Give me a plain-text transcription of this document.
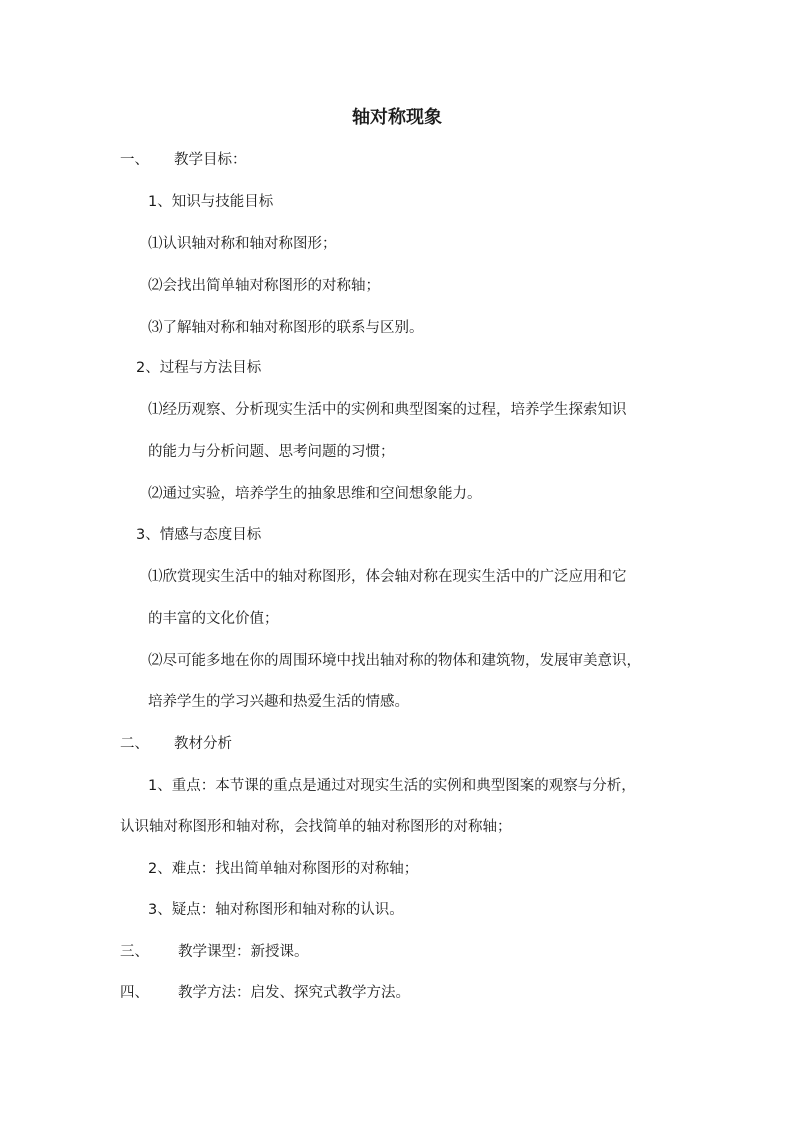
轴对称现象
一、	教学目标：
1、知识与技能目标
⑴认识轴对称和轴对称图形；
⑵会找出简单轴对称图形的对称轴；
⑶了解轴对称和轴对称图形的联系与区别。
2、过程与方法目标
⑴经历观察、分析现实生活中的实例和典型图案的过程，培养学生探索知识
的能力与分析问题、思考问题的习惯；
⑵通过实验，培养学生的抽象思维和空间想象能力。
3、情感与态度目标
⑴欣赏现实生活中的轴对称图形，体会轴对称在现实生活中的广泛应用和它
的丰富的文化价值；
⑵尽可能多地在你的周围环境中找出轴对称的物体和建筑物，发展审美意识，
培养学生的学习兴趣和热爱生活的情感。
二、	教材分析
1、重点：本节课的重点是通过对现实生活的实例和典型图案的观察与分析，
认识轴对称图形和轴对称，会找简单的轴对称图形的对称轴；
2、难点：找出简单轴对称图形的对称轴；
3、疑点：轴对称图形和轴对称的认识。
三、	教学课型：新授课。
四、	教学方法：启发、探究式教学方法。
